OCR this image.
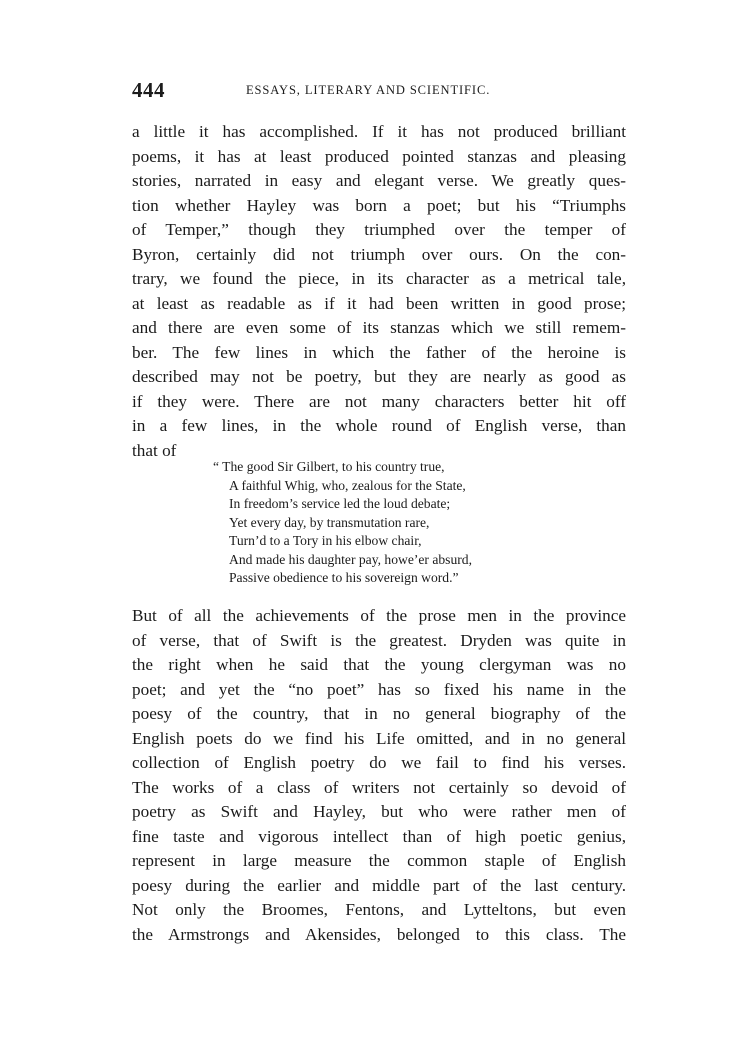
444	ESSAYS, LITERARY AND SCIENTIFIC.
a little it has accomplished. If it has not produced brilliant
poems, it has at least produced pointed stanzas and pleasing
stories, narrated in easy and elegant verse. We greatly ques-
tion whether Hayley was born a poet; but his “Triumphs
of Temper,” though they triumphed over the temper of
Byron, certainly did not triumph over ours. On the con-
trary, we found the piece, in its character as a metrical tale,
at least as readable as if it had been written in good prose;
and there are even some of its stanzas which we still remem-
ber. The few lines in which the father of the heroine is
described may not be poetry, but they are nearly as good as
if they were. There are not many characters better hit off
in a few lines, in the whole round of English verse, than
that of
“ The good Sir Gilbert, to his country true,
A faithful Whig, who, zealous for the State,
In freedom’s service led the loud debate;
Yet every day, by transmutation rare,
Turn’d to a Tory in his elbow chair,
And made his daughter pay, howe’er absurd,
Passive obedience to his sovereign word.”
But of all the achievements of the prose men in the province
of verse, that of Swift is the greatest. Dryden was quite in
the right when he said that the young clergyman was no
poet; and yet the “no poet” has so fixed his name in the
poesy of the country, that in no general biography of the
English poets do we find his Life omitted, and in no general
collection of English poetry do we fail to find his verses.
The works of a class of writers not certainly so devoid of
poetry as Swift and Hayley, but who were rather men of
fine taste and vigorous intellect than of high poetic genius,
represent in large measure the common staple of English
poesy during the earlier and middle part of the last century.
Not only the Broomes, Fentons, and Lytteltons, but even
the Armstrongs and Akensides, belonged to this class. The
